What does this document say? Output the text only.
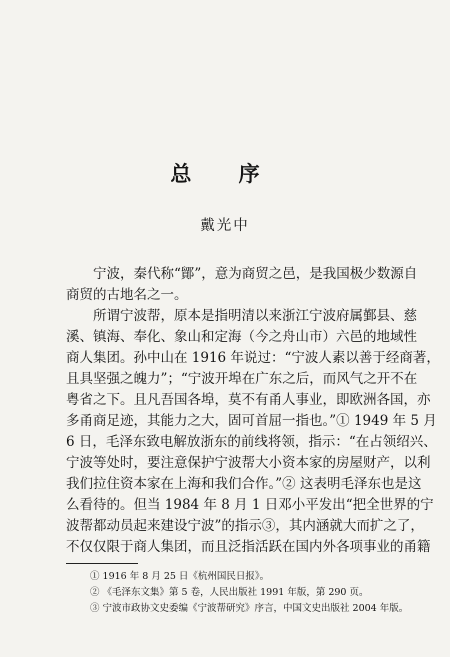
总 序
戴光中
　　宁波，秦代称“鄮”，意为商贸之邑，是我国极少数源自
商贸的古地名之一。
　　所谓宁波帮，原本是指明清以来浙江宁波府属鄞县、慈
溪、镇海、奉化、象山和定海（今之舟山市）六邑的地域性
商人集团。孙中山在 1916 年说过：“宁波人素以善于经商著，
且具坚强之魄力”；“宁波开埠在广东之后，而风气之开不在
粤省之下。且凡吾国各埠，莫不有甬人事业，即欧洲各国，亦
多甬商足迹，其能力之大，固可首屈一指也。”① 1949 年 5 月
6 日，毛泽东致电解放浙东的前线将领，指示：“在占领绍兴、
宁波等处时，要注意保护宁波帮大小资本家的房屋财产，以利
我们拉住资本家在上海和我们合作。”② 这表明毛泽东也是这
么看待的。但当 1984 年 8 月 1 日邓小平发出“把全世界的宁
波帮都动员起来建设宁波”的指示③，其内涵就大而扩之了，
不仅仅限于商人集团，而且泛指活跃在国内外各项事业的甬籍
① 1916 年 8 月 25 日《杭州国民日报》。
② 《毛泽东文集》第 5 卷，人民出版社 1991 年版，第 290 页。
③ 宁波市政协文史委编《宁波帮研究》序言，中国文史出版社 2004 年版。
